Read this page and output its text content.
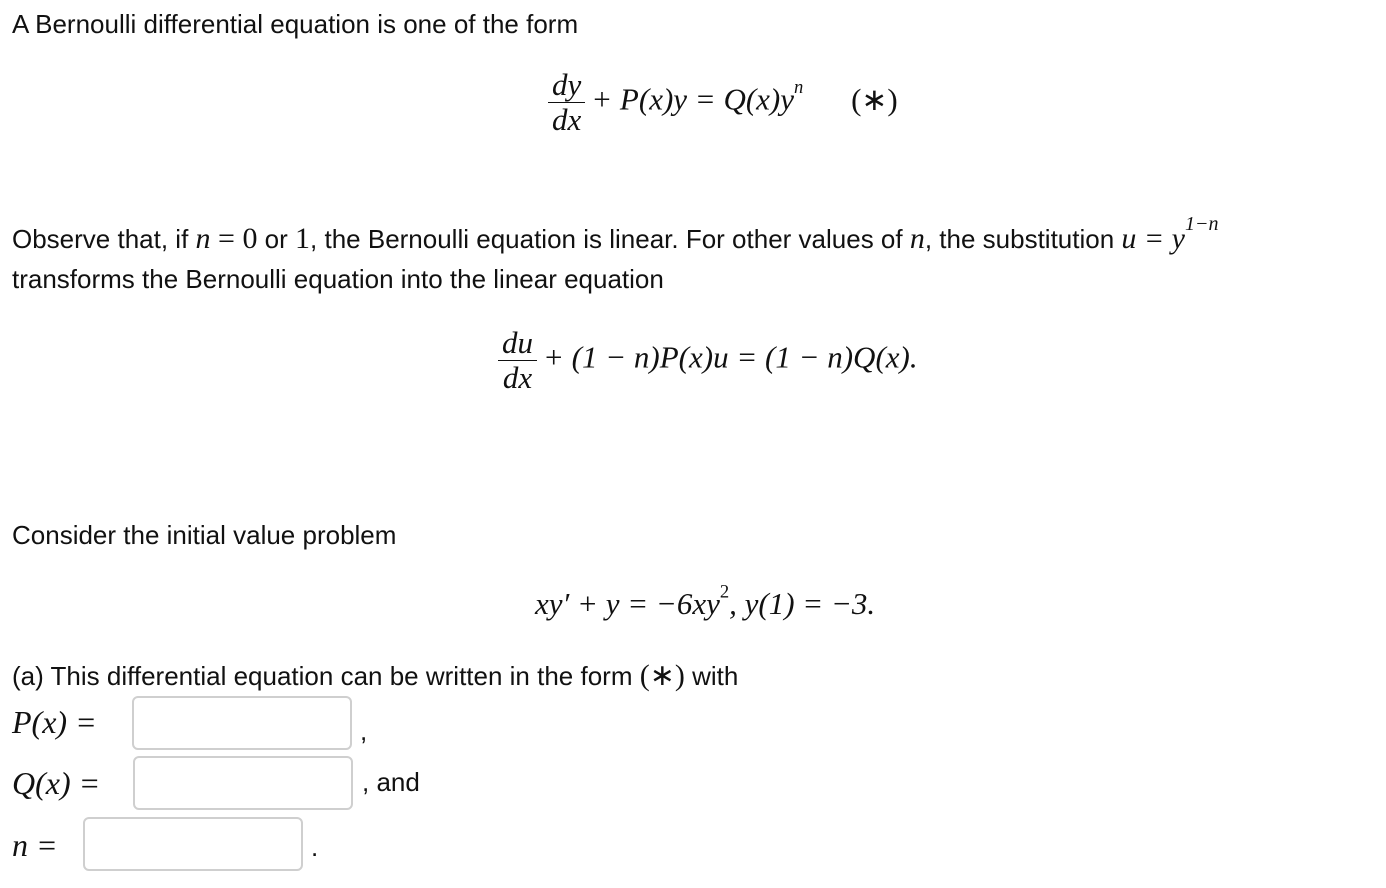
A Bernoulli differential equation is one of the form
$\frac{dy}{dx} + P(x)y = Q(x)y^n$ (∗)
Observe that, if n = 0 or 1, the Bernoulli equation is linear. For other values of n, the substitution $u = y^{1-n}$
transforms the Bernoulli equation into the linear equation
$\frac{du}{dx} + (1 - n)P(x)u = (1 - n)Q(x)$.
Consider the initial value problem
$xy' + y = -6xy^2$, y(1) = −3.
(a) This differential equation can be written in the form (∗) with
P(x) =	,
Q(x) =	, and
n =	.
